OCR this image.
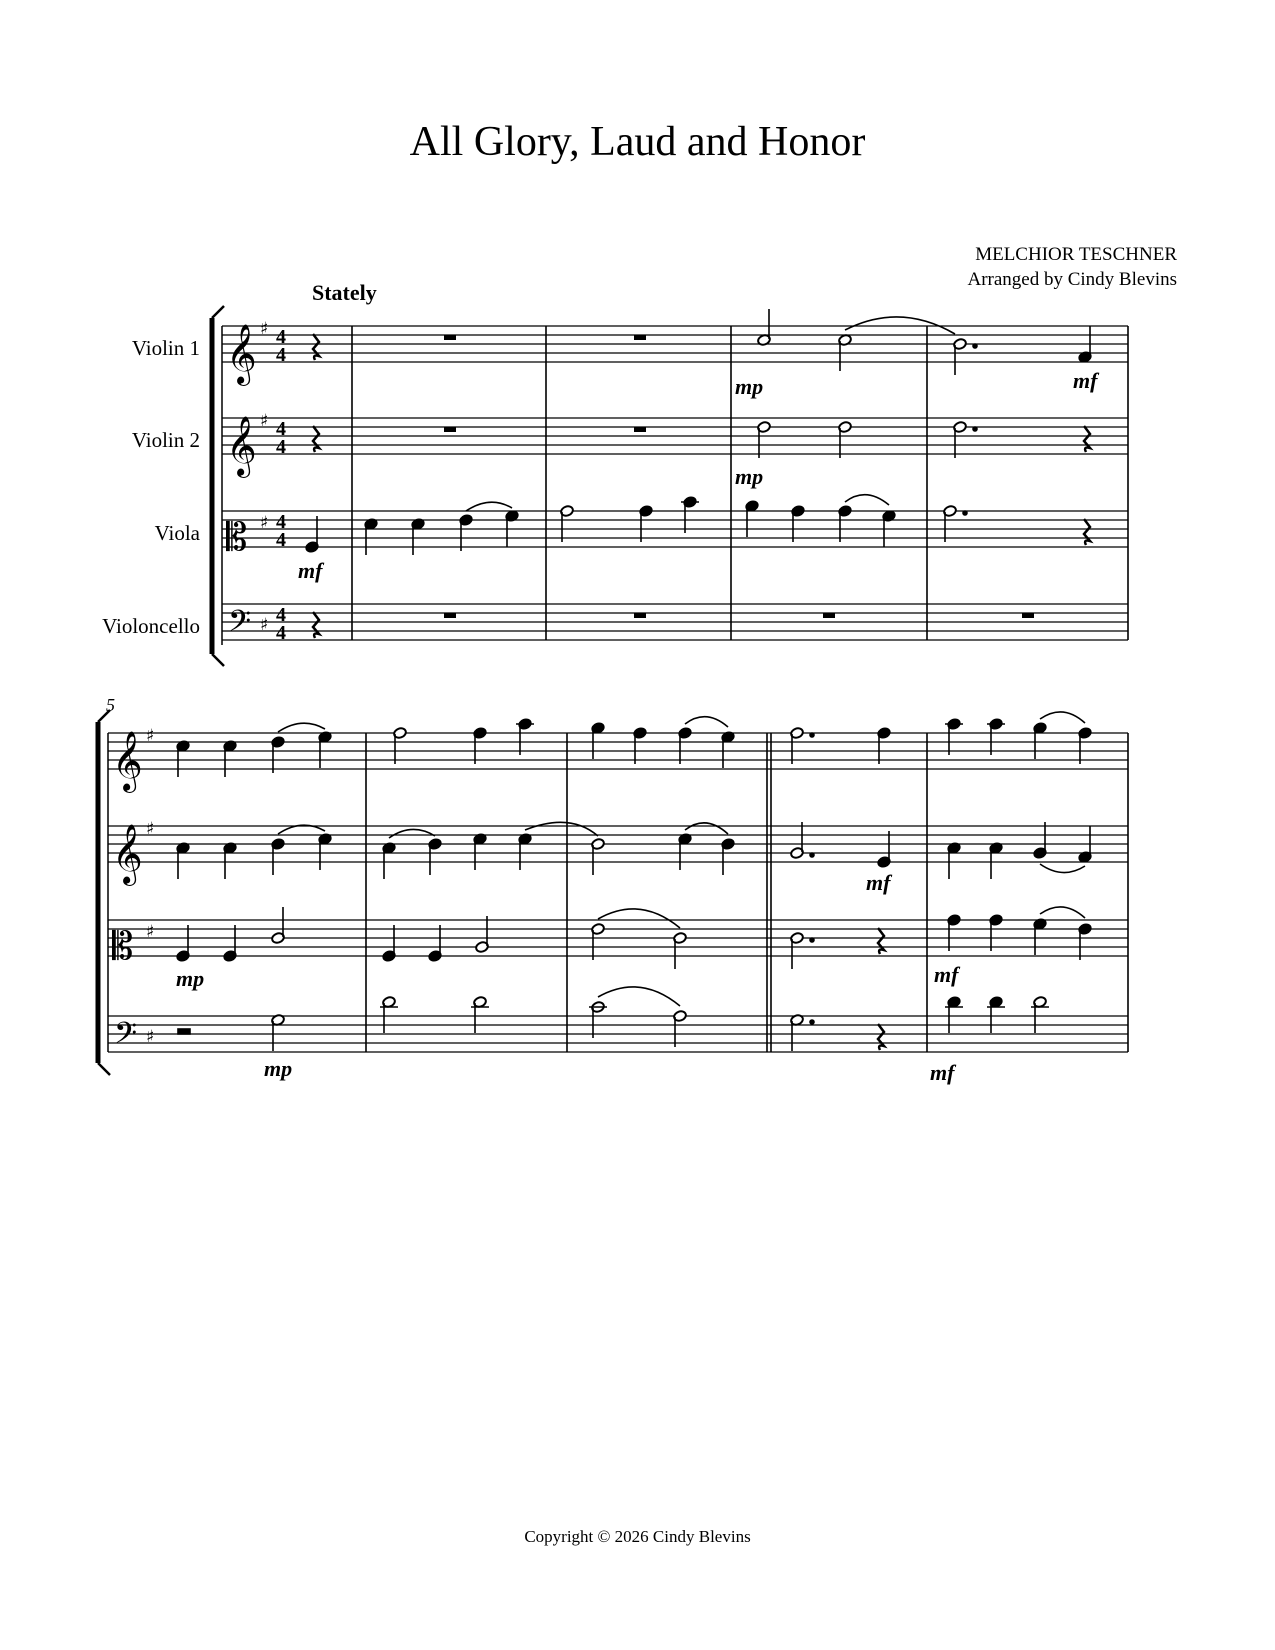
All Glory, Laud and Honor
MELCHIOR TESCHNER
Arranged by Cindy Blevins
Stately
Violin 1
Violin 2
Viola
Violoncello
𝄞
𝄞
𝄡
𝄢
♯
♯
♯
♯
4
4
4
4
4
4
4
4
mp	mf
mp
mf
5
𝄞
𝄞
𝄡
𝄢
♯
♯
♯
♯
mf
mp	mf
mp	mf
Copyright © 2026 Cindy Blevins
